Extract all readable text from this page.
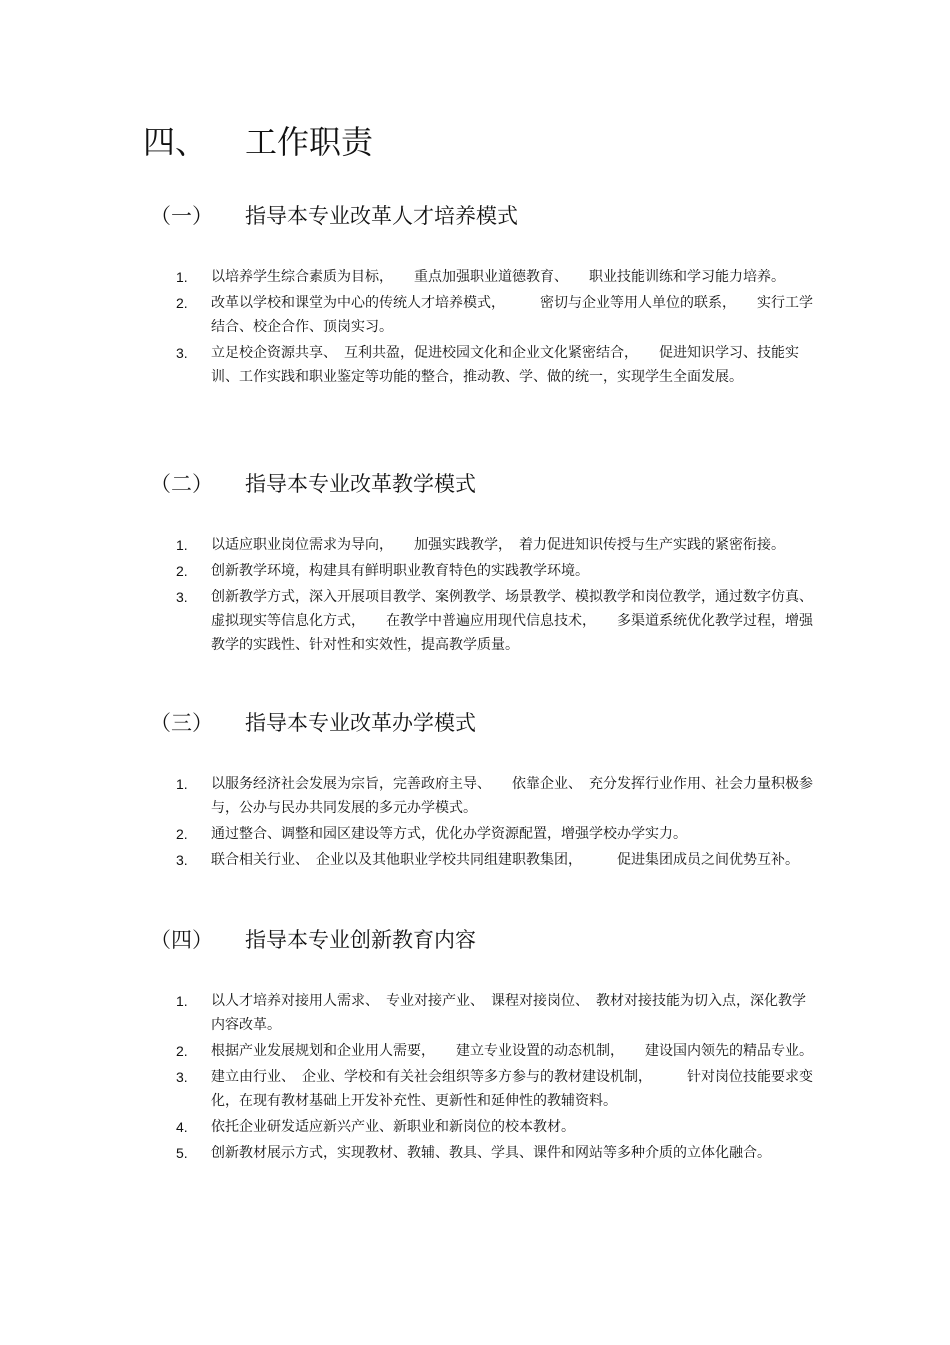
四、 工作职责
（一） 指导本专业改革人才培养模式
1.	以培养学生综合素质为目标，　　重点加强职业道德教育、　　职业技能训练和学习能力培养。
2.	改革以学校和课堂为中心的传统人才培养模式，　　　密切与企业等用人单位的联系，　　实行工学结合、校企合作、顶岗实习。
3.	立足校企资源共享、　互利共盈，促进校园文化和企业文化紧密结合，　　促进知识学习、技能实训、工作实践和职业鉴定等功能的整合，推动教、学、做的统一，实现学生全面发展。
（二） 指导本专业改革教学模式
1.	以适应职业岗位需求为导向，　　加强实践教学，　着力促进知识传授与生产实践的紧密衔接。
2.	创新教学环境，构建具有鲜明职业教育特色的实践教学环境。
3.	创新教学方式，深入开展项目教学、案例教学、场景教学、模拟教学和岗位教学，通过数字仿真、　虚拟现实等信息化方式，　　在教学中普遍应用现代信息技术，　　多渠道系统优化教学过程，增强教学的实践性、针对性和实效性，提高教学质量。
（三） 指导本专业改革办学模式
1.	以服务经济社会发展为宗旨，完善政府主导、　　依靠企业、　充分发挥行业作用、社会力量积极参与，公办与民办共同发展的多元办学模式。
2.	通过整合、调整和园区建设等方式，优化办学资源配置，增强学校办学实力。
3.	联合相关行业、　企业以及其他职业学校共同组建职教集团，　　　促进集团成员之间优势互补。
（四） 指导本专业创新教育内容
1.	以人才培养对接用人需求、　专业对接产业、　课程对接岗位、　教材对接技能为切入点，深化教学内容改革。
2.	根据产业发展规划和企业用人需要，　　建立专业设置的动态机制，　　建设国内领先的精品专业。
3.	建立由行业、　企业、学校和有关社会组织等多方参与的教材建设机制，　　　针对岗位技能要求变化，在现有教材基础上开发补充性、更新性和延伸性的教辅资料。
4.	依托企业研发适应新兴产业、新职业和新岗位的校本教材。
5.	创新教材展示方式，实现教材、教辅、教具、学具、课件和网站等多种介质的立体化融合。
